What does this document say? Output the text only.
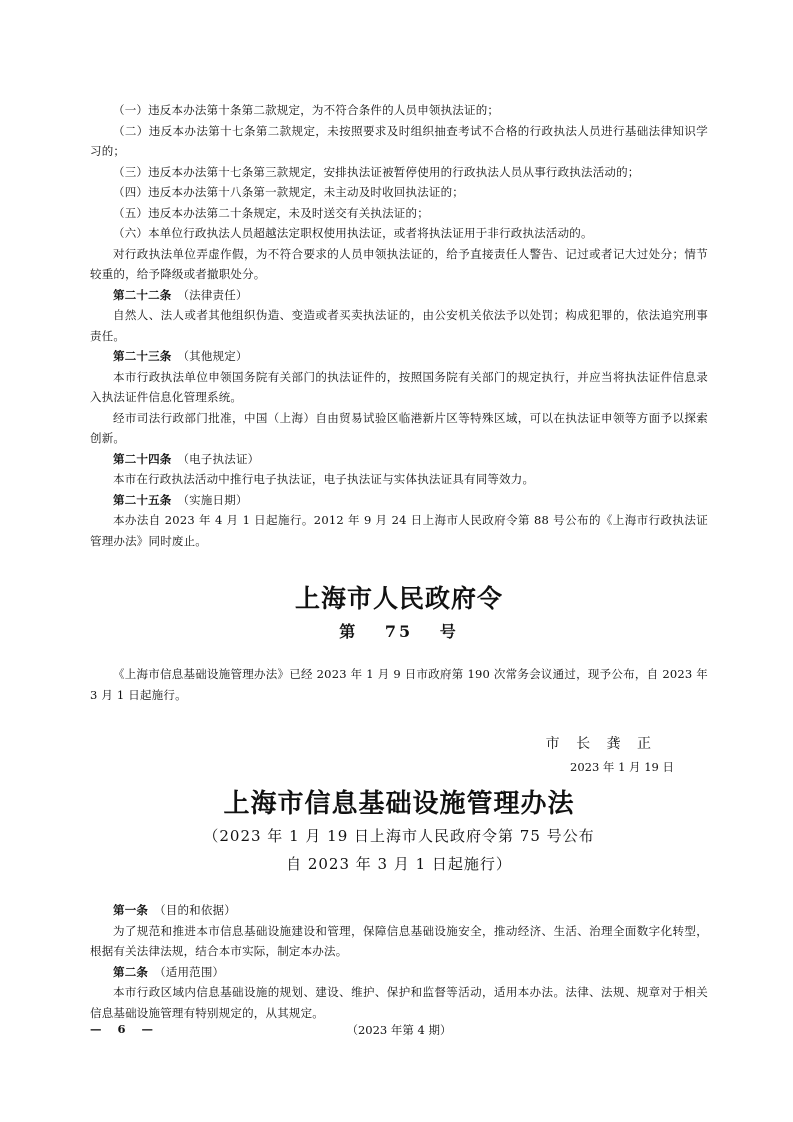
（一）违反本办法第十条第二款规定，为不符合条件的人员申领执法证的；

（二）违反本办法第十七条第二款规定，未按照要求及时组织抽查考试不合格的行政执法人员进行基础法律知识学习的；

（三）违反本办法第十七条第三款规定，安排执法证被暂停使用的行政执法人员从事行政执法活动的；

（四）违反本办法第十八条第一款规定，未主动及时收回执法证的；

（五）违反本办法第二十条规定，未及时送交有关执法证的；

（六）本单位行政执法人员超越法定职权使用执法证，或者将执法证用于非行政执法活动的。

对行政执法单位弄虚作假，为不符合要求的人员申领执法证的，给予直接责任人警告、记过或者记大过处分；情节较重的，给予降级或者撤职处分。

第二十二条　 （法律责任）

自然人、法人或者其他组织伪造、变造或者买卖执法证的，由公安机关依法予以处罚；构成犯罪的，依法追究刑事责任。

第二十三条　 （其他规定）

本市行政执法单位申领国务院有关部门的执法证件的，按照国务院有关部门的规定执行，并应当将执法证件信息录入执法证件信息化管理系统。

经市司法行政部门批准，中国（上海）自由贸易试验区临港新片区等特殊区域，可以在执法证申领等方面予以探索创新。

第二十四条　 （电子执法证）

本市在行政执法活动中推行电子执法证，电子执法证与实体执法证具有同等效力。

第二十五条　 （实施日期）

本办法自 2023 年 4 月 1 日起施行。2012 年 9 月 24 日上海市人民政府令第 88 号公布的《上海市行政执法证管理办法》同时废止。

上海市人民政府令
第 75 号

《上海市信息基础设施管理办法》已经 2023 年 1 月 9 日市政府第 190 次常务会议通过，现予公布，自 2023 年 3 月 1 日起施行。

市 长 龚 正
2023 年 1 月 19 日
上海市信息基础设施管理办法
（2023 年 1 月 19 日上海市人民政府令第 75 号公布
自 2023 年 3 月 1 日起施行）

第一条　 （目的和依据）

为了规范和推进本市信息基础设施建设和管理，保障信息基础设施安全，推动经济、生活、治理全面数字化转型，根据有关法律法规，结合本市实际，制定本办法。

第二条　 （适用范围）

本市行政区域内信息基础设施的规划、建设、维护、保护和监督等活动，适用本办法。法律、法规、规章对于相关信息基础设施管理有特别规定的，从其规定。

— 6 —	（2023 年第 4 期）
